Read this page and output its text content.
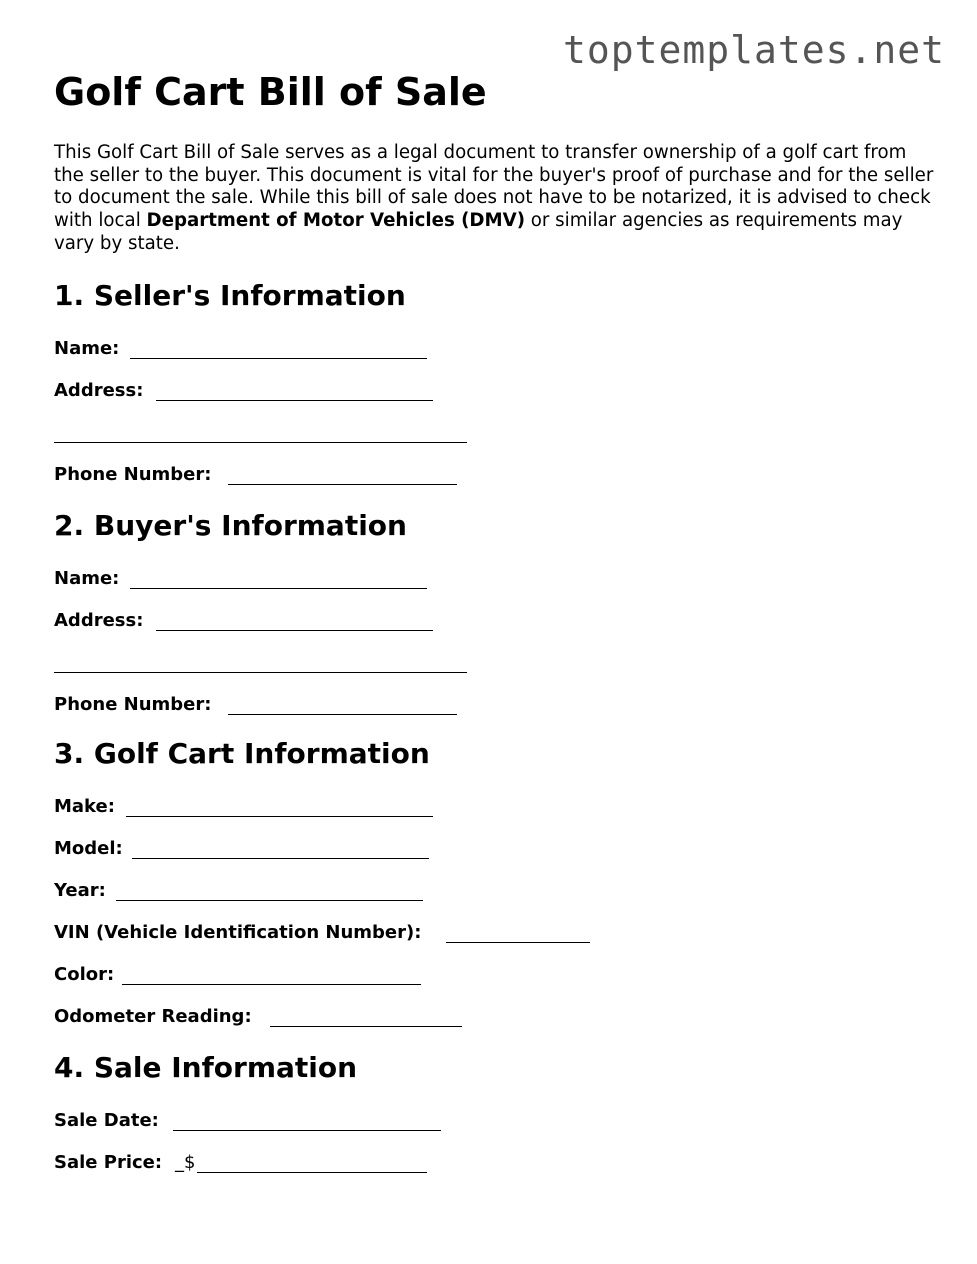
toptemplates.net
Golf Cart Bill of Sale

This Golf Cart Bill of Sale serves as a legal document to transfer ownership of a golf cart from the seller to the buyer. This document is vital for the buyer's proof of purchase and for the seller to document the sale. While this bill of sale does not have to be notarized, it is advised to check with local Department of Motor Vehicles (DMV) or similar agencies as requirements may vary by state.

1. Seller's Information
Name:
Address:
Phone Number:
2. Buyer's Information
Name:
Address:
Phone Number:
3. Golf Cart Information
Make:
Model:
Year:
VIN (Vehicle Identification Number):
Color:
Odometer Reading:
4. Sale Information
Sale Date:
Sale Price: _$
